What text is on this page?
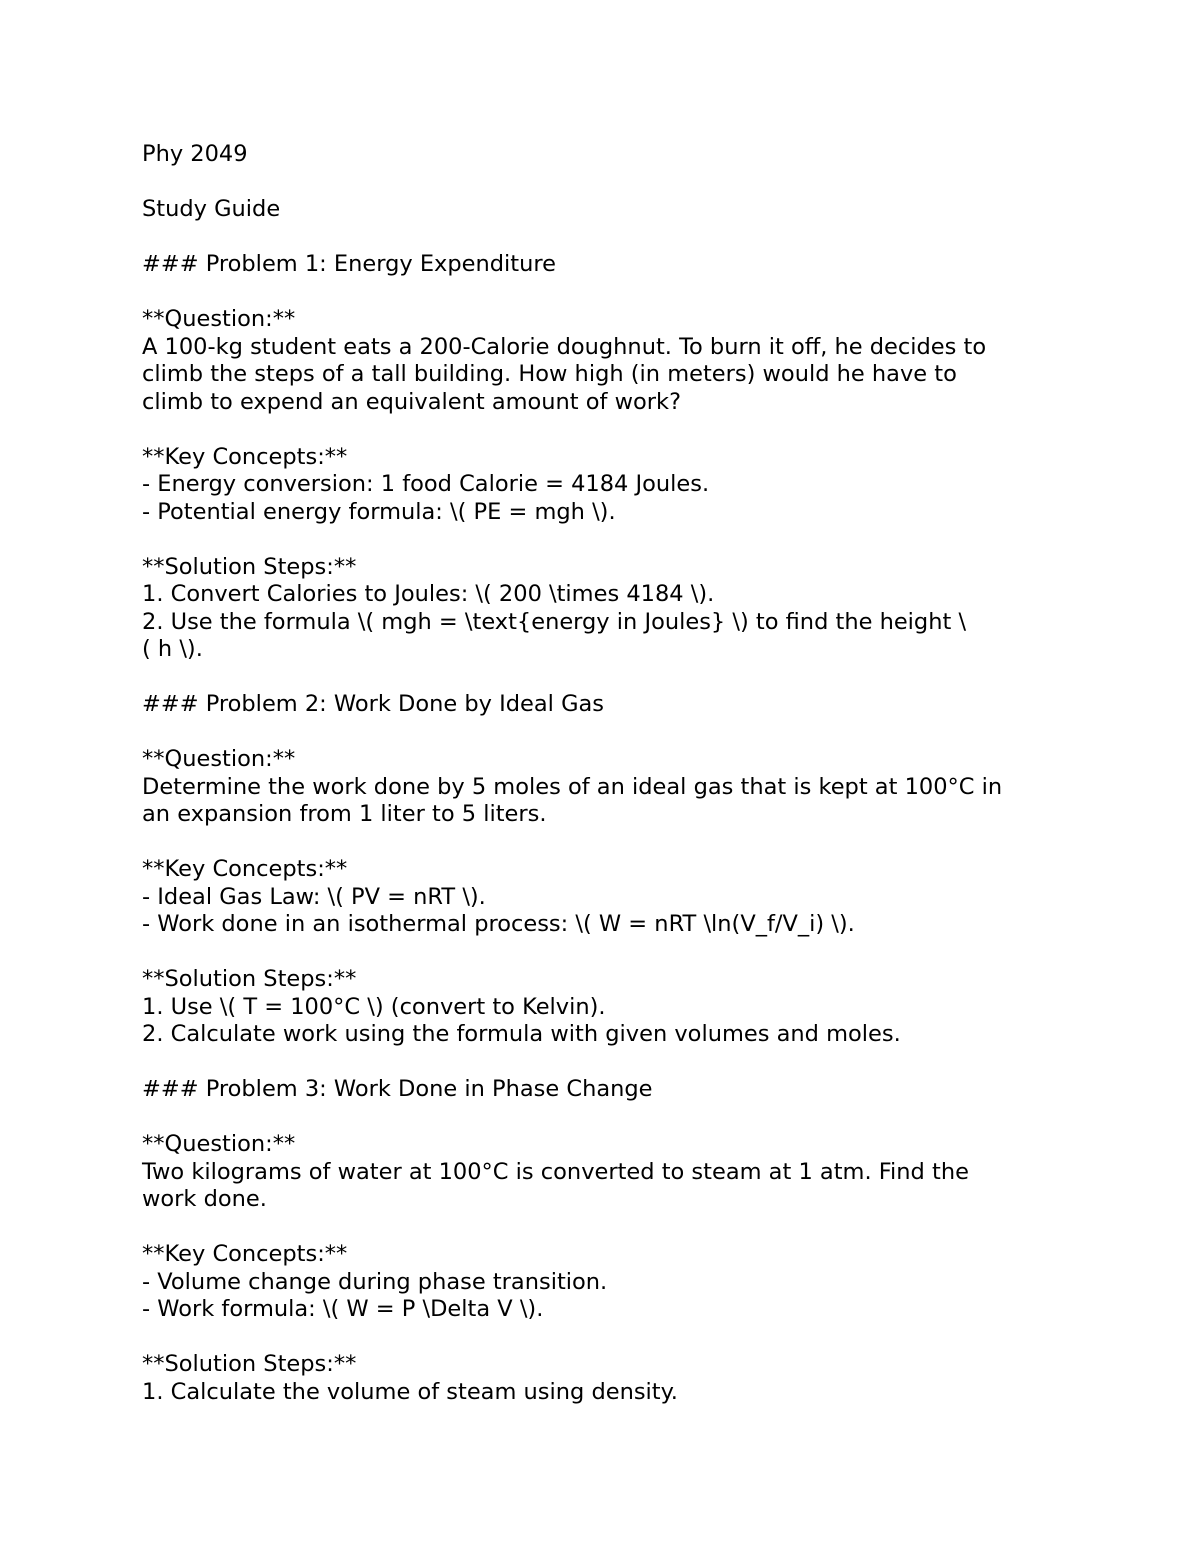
Phy 2049
Study Guide
### Problem 1: Energy Expenditure
**Question:**
A 100-kg student eats a 200-Calorie doughnut. To burn it off, he decides to
climb the steps of a tall building. How high (in meters) would he have to
climb to expend an equivalent amount of work?
**Key Concepts:**
- Energy conversion: 1 food Calorie = 4184 Joules.
- Potential energy formula: \( PE = mgh \).
**Solution Steps:**
1. Convert Calories to Joules: \( 200 \times 4184 \).
2. Use the formula \( mgh = \text{energy in Joules} \) to find the height \
( h \).
### Problem 2: Work Done by Ideal Gas
**Question:**
Determine the work done by 5 moles of an ideal gas that is kept at 100°C in
an expansion from 1 liter to 5 liters.
**Key Concepts:**
- Ideal Gas Law: \( PV = nRT \).
- Work done in an isothermal process: \( W = nRT \ln(V_f/V_i) \).
**Solution Steps:**
1. Use \( T = 100°C \) (convert to Kelvin).
2. Calculate work using the formula with given volumes and moles.
### Problem 3: Work Done in Phase Change
**Question:**
Two kilograms of water at 100°C is converted to steam at 1 atm. Find the
work done.
**Key Concepts:**
- Volume change during phase transition.
- Work formula: \( W = P \Delta V \).
**Solution Steps:**
1. Calculate the volume of steam using density.
